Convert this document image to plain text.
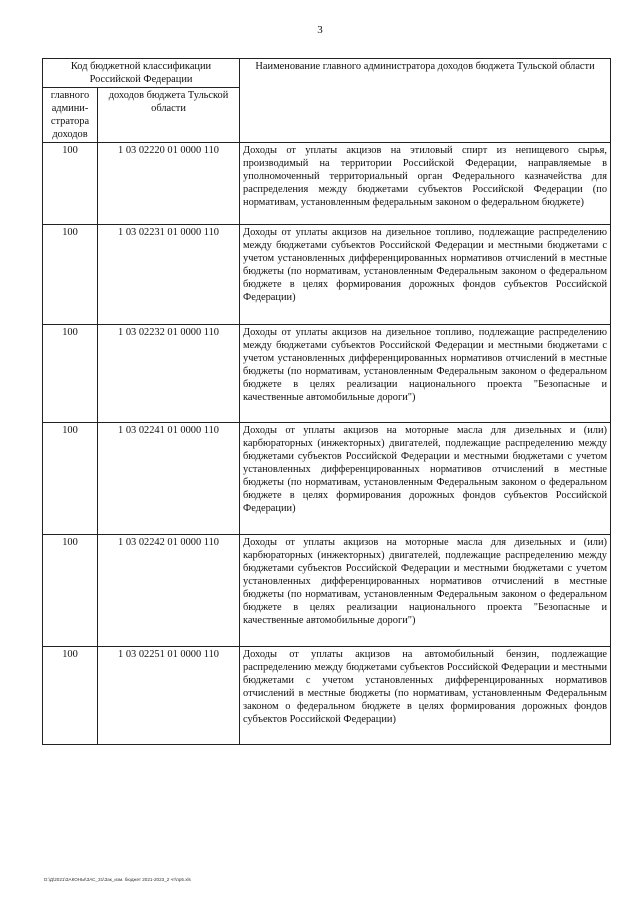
3
Код бюджетной классификации Российской Федерации		Наименование главного администратора доходов бюджета Тульской области
главного админи-стратора доходов	доходов бюджета Тульской области	
100	1 03 02220 01 0000 110	Доходы от уплаты акцизов на этиловый спирт из непищевого сырья, производимый на территории Российской Федерации, направляемые в уполномоченный территориальный орган Федерального казначейства для распределения между бюджетами субъектов Российской Федерации (по нормативам, установленным федеральным законом о федеральном бюджете)
100	1 03 02231 01 0000 110	Доходы от уплаты акцизов на дизельное топливо, подлежащие распределению между бюджетами субъектов Российской Федерации и местными бюджетами с учетом установленных дифференцированных нормативов отчислений в местные бюджеты (по нормативам, установленным Федеральным законом о федеральном бюджете в целях формирования дорожных фондов субъектов Российской Федерации)
100	1 03 02232 01 0000 110	Доходы от уплаты акцизов на дизельное топливо, подлежащие распределению между бюджетами субъектов Российской Федерации и местными бюджетами с учетом установленных дифференцированных нормативов отчислений в местные бюджеты (по нормативам, установленным Федеральным законом о федеральном бюджете в целях реализации национального проекта "Безопасные и качественные автомобильные дороги")
100	1 03 02241 01 0000 110	Доходы от уплаты акцизов на моторные масла для дизельных и (или) карбюраторных (инжекторных) двигателей, подлежащие распределению между бюджетами субъектов Российской Федерации и местными бюджетами с учетом установленных дифференцированных нормативов отчислений в местные бюджеты (по нормативам, установленным Федеральным законом о федеральном бюджете в целях формирования дорожных фондов субъектов Российской Федерации)
100	1 03 02242 01 0000 110	Доходы от уплаты акцизов на моторные масла для дизельных и (или) карбюраторных (инжекторных) двигателей, подлежащие распределению между бюджетами субъектов Российской Федерации и местными бюджетами с учетом установленных дифференцированных нормативов отчислений в местные бюджеты (по нормативам, установленным Федеральным законом о федеральном бюджете в целях реализации национального проекта "Безопасные и качественные автомобильные дороги")
100	1 03 02251 01 0000 110	Доходы от уплаты акцизов на автомобильный бензин, подлежащие распределению между бюджетами субъектов Российской Федерации и местными бюджетами с учетом установленных дифференцированных нормативов отчислений в местные бюджеты (по нормативам, установленным Федеральным законом о федеральном бюджете в целях формирования дорожных фондов субъектов Российской Федерации)
D:\Д\2021\ЗАКОНЫ\ЗАС_31\Зак_изм. бюджет 2021-2023_2 чт\пр5.xls
